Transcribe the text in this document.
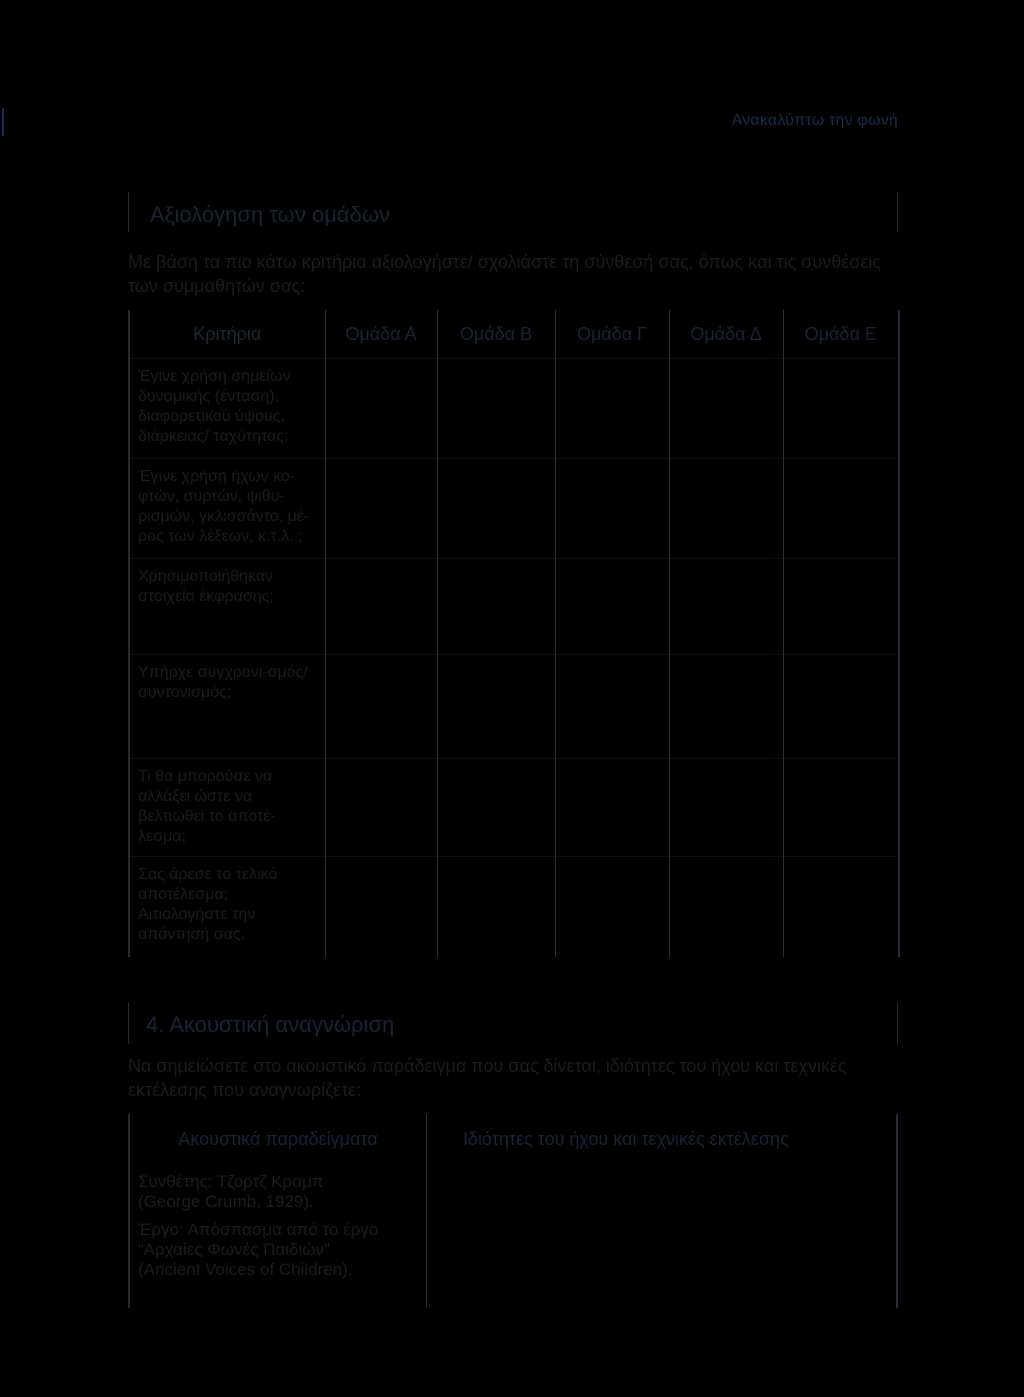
Ανακαλύπτω την φωνή
Αξιολόγηση των ομάδων
Με βάση τα πιο κάτω κριτήρια αξιολογήστε/ σχολιάστε τη σύνθεσή σας, όπως και τις συνθέσεις των συμμαθητών σας:
Κριτήρια	Ομάδα Α	Ομάδα Β	Ομάδα Γ	Ομάδα Δ	Ομάδα Ε
Έγινε χρήση σημείων δυναμικής (ένταση), διαφορετικού ύψους, διάρκειας/ ταχύτητας;					
Έγινε χρήση ήχων κο-φτών, συρτών, ψιθυ-ρισμών, γκλισσάντο, μέ-ρος των λέξεων, κ.τ.λ. ;					
Χρησιμοποιήθηκαν στοιχεία έκφρασης;					
Υπήρχε συγχρονι-σμός/συντονισμός;					
Τι θα μπορούσε να αλλάξει ώστε να βελτιωθεί το αποτέ-λεσμα;					
Σας άρεσε το τελικό αποτέλεσμα; Αιτιολογήστε την απάντησή σας.					
4. Ακουστική αναγνώριση
Να σημειώσετε στο ακουστικό παράδειγμα που σας δίνεται, ιδιότητες του ήχου και τεχνικές εκτέλεσης που αναγνωρίζετε:
Ακουστικά παραδείγματα	Ιδιότητες του ήχου και τεχνικές εκτέλεσης

Συνθέτης: Τζορτζ Κραμπ
(George Crumb, 1929).
Έργο: Απόσπασμα από το έργο
“Αρχαίες Φωνές Παιδιών”
(Ancient Voices of Children).	
